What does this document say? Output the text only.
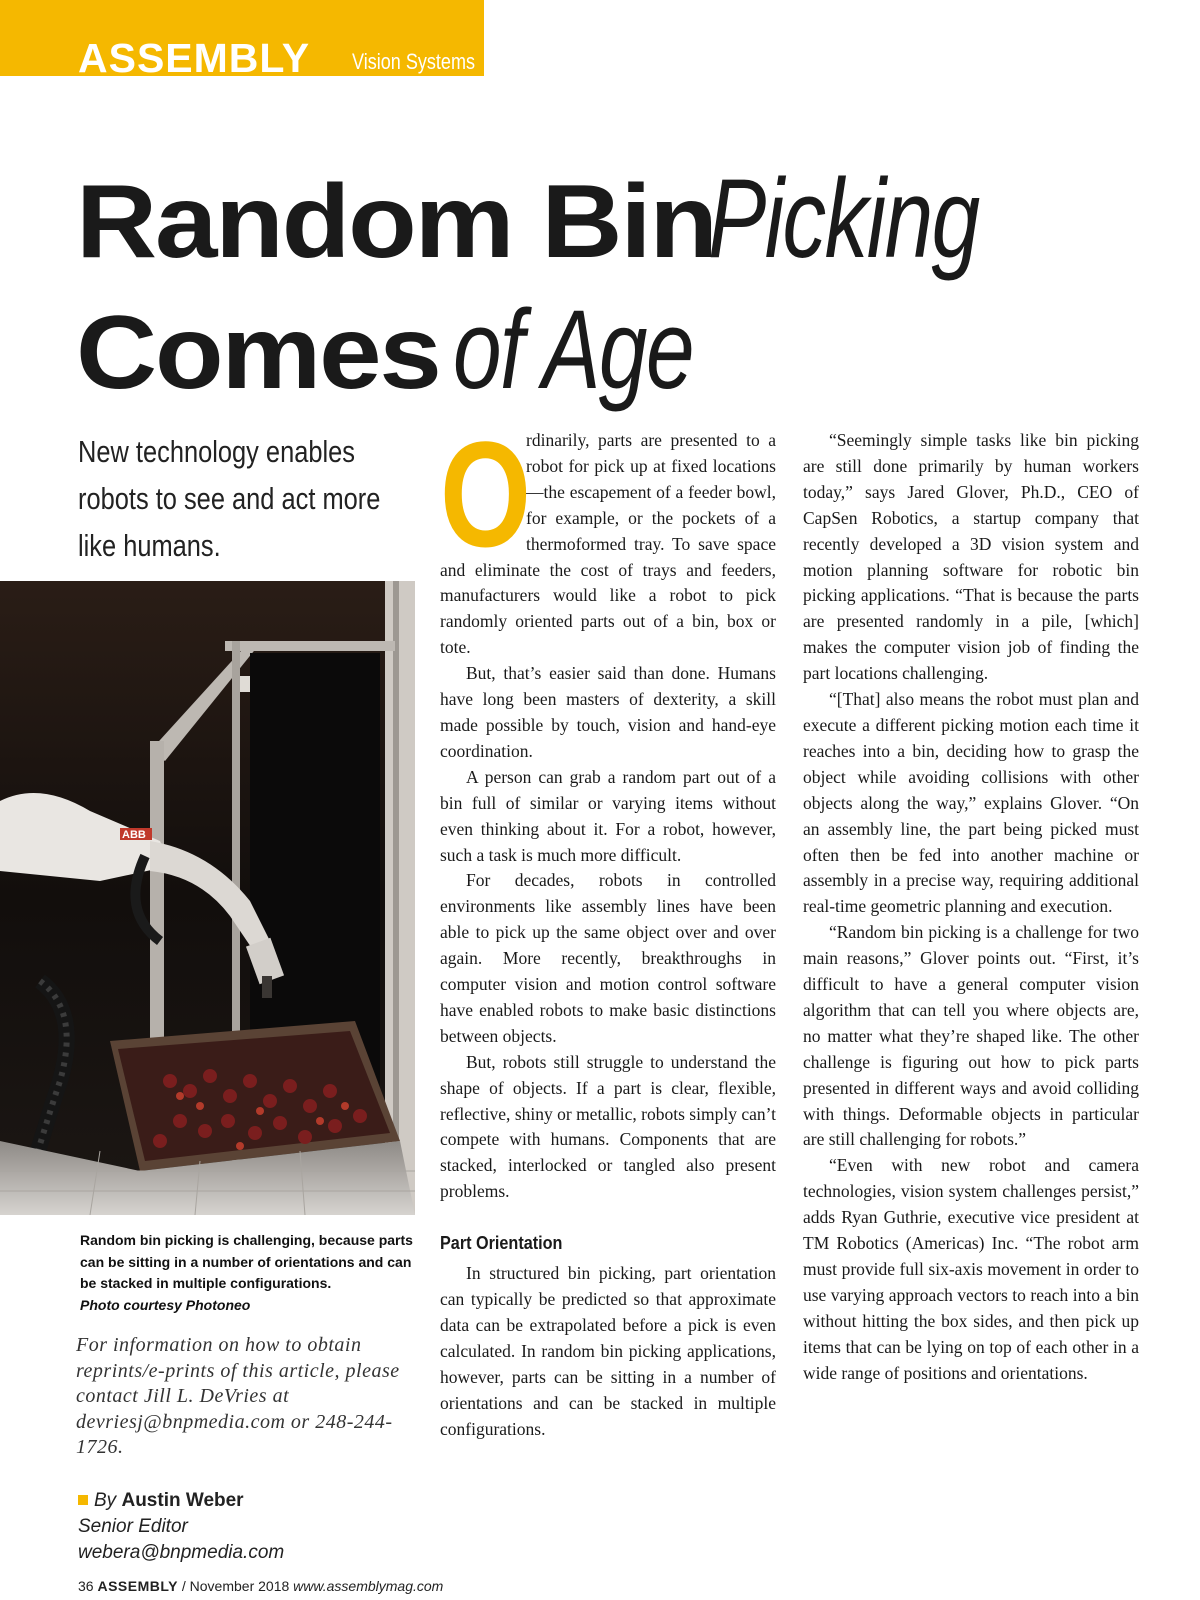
ASSEMBLY Vision Systems
Random BinPicking
Comes of Age
New technology enables robots to see and act more like humans.
ABB
Random bin picking is challenging, because parts can be sitting in a number of orientations and can be stacked in multiple configurations.
Photo courtesy Photoneo
For information on how to obtain reprints/e-prints of this article, please contact Jill L. DeVries at devriesj@bnpmedia.com or 248-244-1726.
By Austin Weber
Senior Editor
webera@bnpmedia.com
O

rdinarily, parts are presented to a robot for pick up at fixed locations—the escapement of a feeder bowl, for example, or the pockets of a thermoformed tray. To save space and eliminate the cost of trays and feeders, manufacturers would like a robot to pick randomly oriented parts out of a bin, box or tote.

But, that’s easier said than done. Humans have long been masters of dexterity, a skill made possible by touch, vision and hand-eye coordination.

A person can grab a random part out of a bin full of similar or varying items without even thinking about it. For a robot, however, such a task is much more difficult.

For decades, robots in controlled environments like assembly lines have been able to pick up the same object over and over again. More recently, breakthroughs in computer vision and motion control software have enabled robots to make basic distinctions between objects.

But, robots still struggle to understand the shape of objects. If a part is clear, flexible, reflective, shiny or metallic, robots simply can’t compete with humans. Components that are stacked, interlocked or tangled also present problems.

Part Orientation

In structured bin picking, part orientation can typically be predicted so that approximate data can be extrapolated before a pick is even calculated. In random bin picking applications, however, parts can be sitting in a number of orientations and can be stacked in multiple configurations.

“Seemingly simple tasks like bin picking are still done primarily by human workers today,” says Jared Glover, Ph.D., CEO of CapSen Robotics, a startup company that recently developed a 3D vision system and motion planning software for robotic bin picking applications. “That is because the parts are presented randomly in a pile, [which] makes the computer vision job of finding the part locations challenging.

“[That] also means the robot must plan and execute a different picking motion each time it reaches into a bin, deciding how to grasp the object while avoiding collisions with other objects along the way,” explains Glover. “On an assembly line, the part being picked must often then be fed into another machine or assembly in a precise way, requiring additional real-time geometric planning and execution.

“Random bin picking is a challenge for two main reasons,” Glover points out. “First, it’s difficult to have a general computer vision algorithm that can tell you where objects are, no matter what they’re shaped like. The other challenge is figuring out how to pick parts presented in different ways and avoid colliding with things. Deformable objects in particular are still challenging for robots.”

“Even with new robot and camera technologies, vision system challenges persist,” adds Ryan Guthrie, executive vice president at TM Robotics (Americas) Inc. “The robot arm must provide full six-axis movement in order to use varying approach vectors to reach into a bin without hitting the box sides, and then pick up items that can be lying on top of each other in a wide range of positions and orientations.

36 ASSEMBLY / November 2018 www.assemblymag.com
